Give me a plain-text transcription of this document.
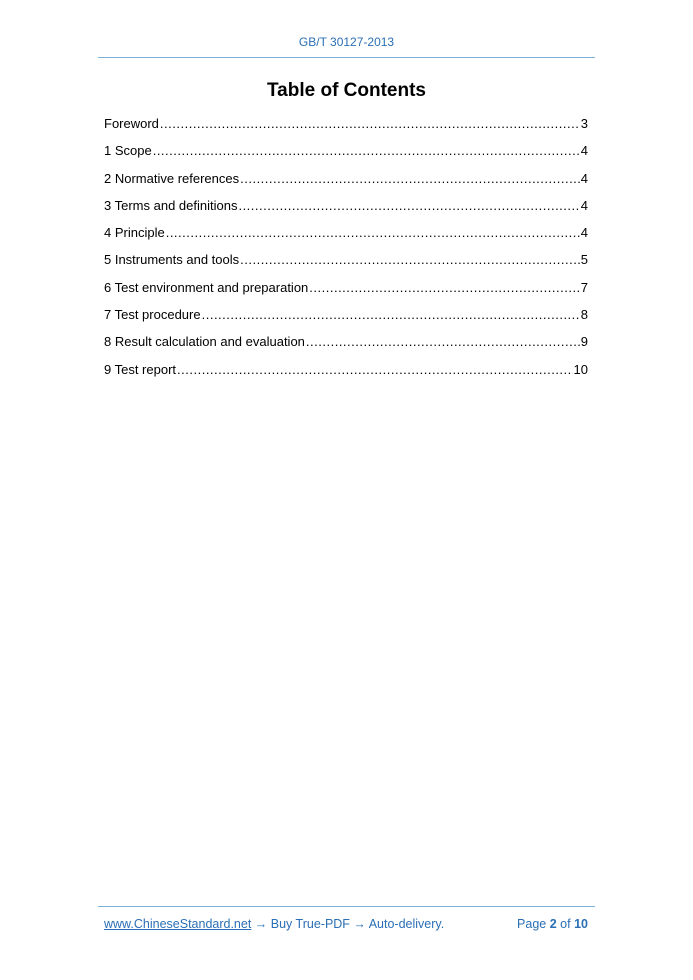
GB/T 30127-2013
Table of Contents
Foreword .....	3
1 Scope .....	4
2 Normative references .....	4
3 Terms and definitions .....	4
4 Principle .....	4
5 Instruments and tools .....	5
6 Test environment and preparation .....	7
7 Test procedure .....	8
8 Result calculation and evaluation .....	9
9 Test report .....	10
www.ChineseStandard.net → Buy True-PDF → Auto-delivery.	Page 2 of 10
